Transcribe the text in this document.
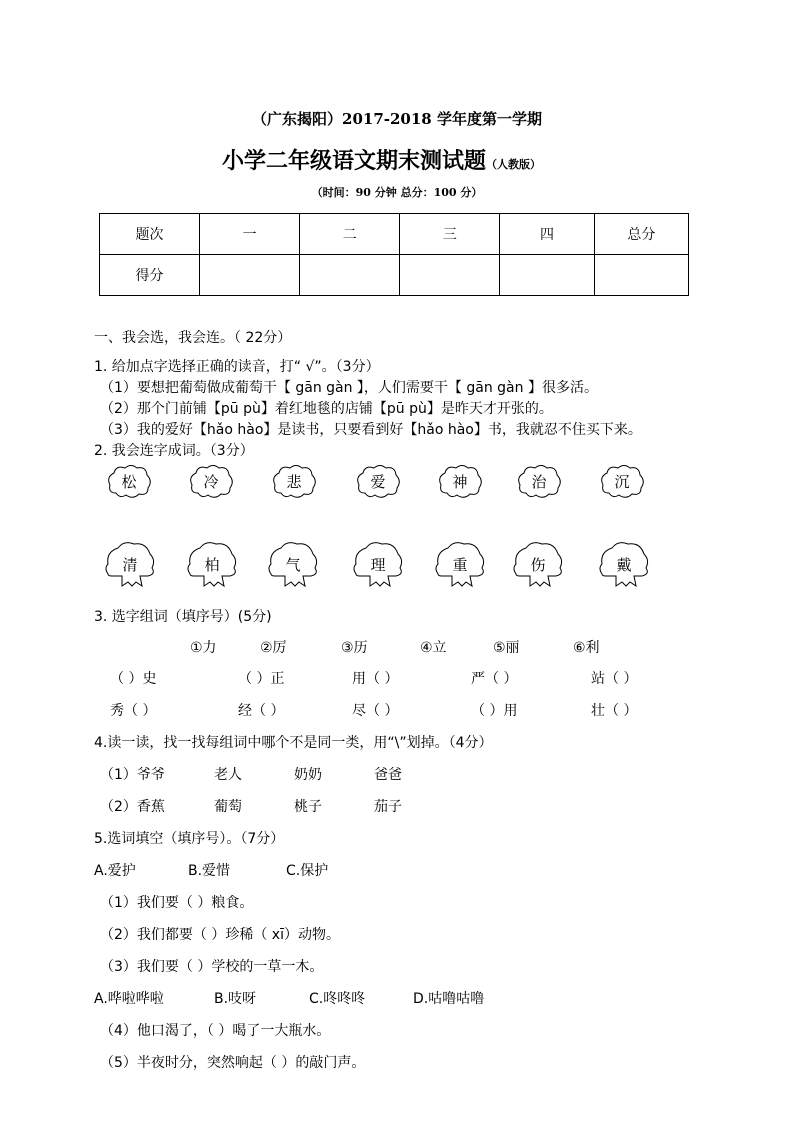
（广东揭阳）2017-2018 学年度第一学期
小学二年级语文期末测试题（人教版）
（时间：90 分钟 总分：100 分）
题次	一	二	三	四	总分
得分					
一、我会选，我会连。（ 22分）
1. 给加点字选择正确的读音，打“ √”。（3分）
（1）要想把葡萄做成葡萄干【 gān gàn 】，人们需要干【 gān gàn 】很多活。
（2）那个门前铺【pū pù】着红地毯的店铺【pū pù】是昨天才开张的。
（3）我的爱好【hǎo hào】是读书，只要看到好【hǎo hào】书，我就忍不住买下来。
2. 我会连字成词。（3分）
松	冷	悲	爱	神	治	沉
清	柏	气	理	重	伤	戴
3. 选字组词（填序号）(5分)
①力	②厉	③历	④立	⑤丽	⑥利
（ ）史	（ ）正	用（ ）	严（ ）	站（ ）
秀（ ）	经（ ）	尽（ ）	（ ）用	壮（ ）
4.读一读，找一找每组词中哪个不是同一类，用“\”划掉。（4分）
（1）爷爷	老人	奶奶	爸爸
（2）香蕉	葡萄	桃子	茄子
5.选词填空（填序号）。（7分）
A.爱护	B.爱惜	C.保护
（1）我们要（ ）粮食。
（2）我们都要（ ）珍稀（ xī）动物。
（3）我们要（ ）学校的一草一木。
A.哗啦哗啦	B.吱呀	C.咚咚咚	D.咕噜咕噜
（4）他口渴了，（ ）喝了一大瓶水。
（5）半夜时分，突然响起（ ）的敲门声。
